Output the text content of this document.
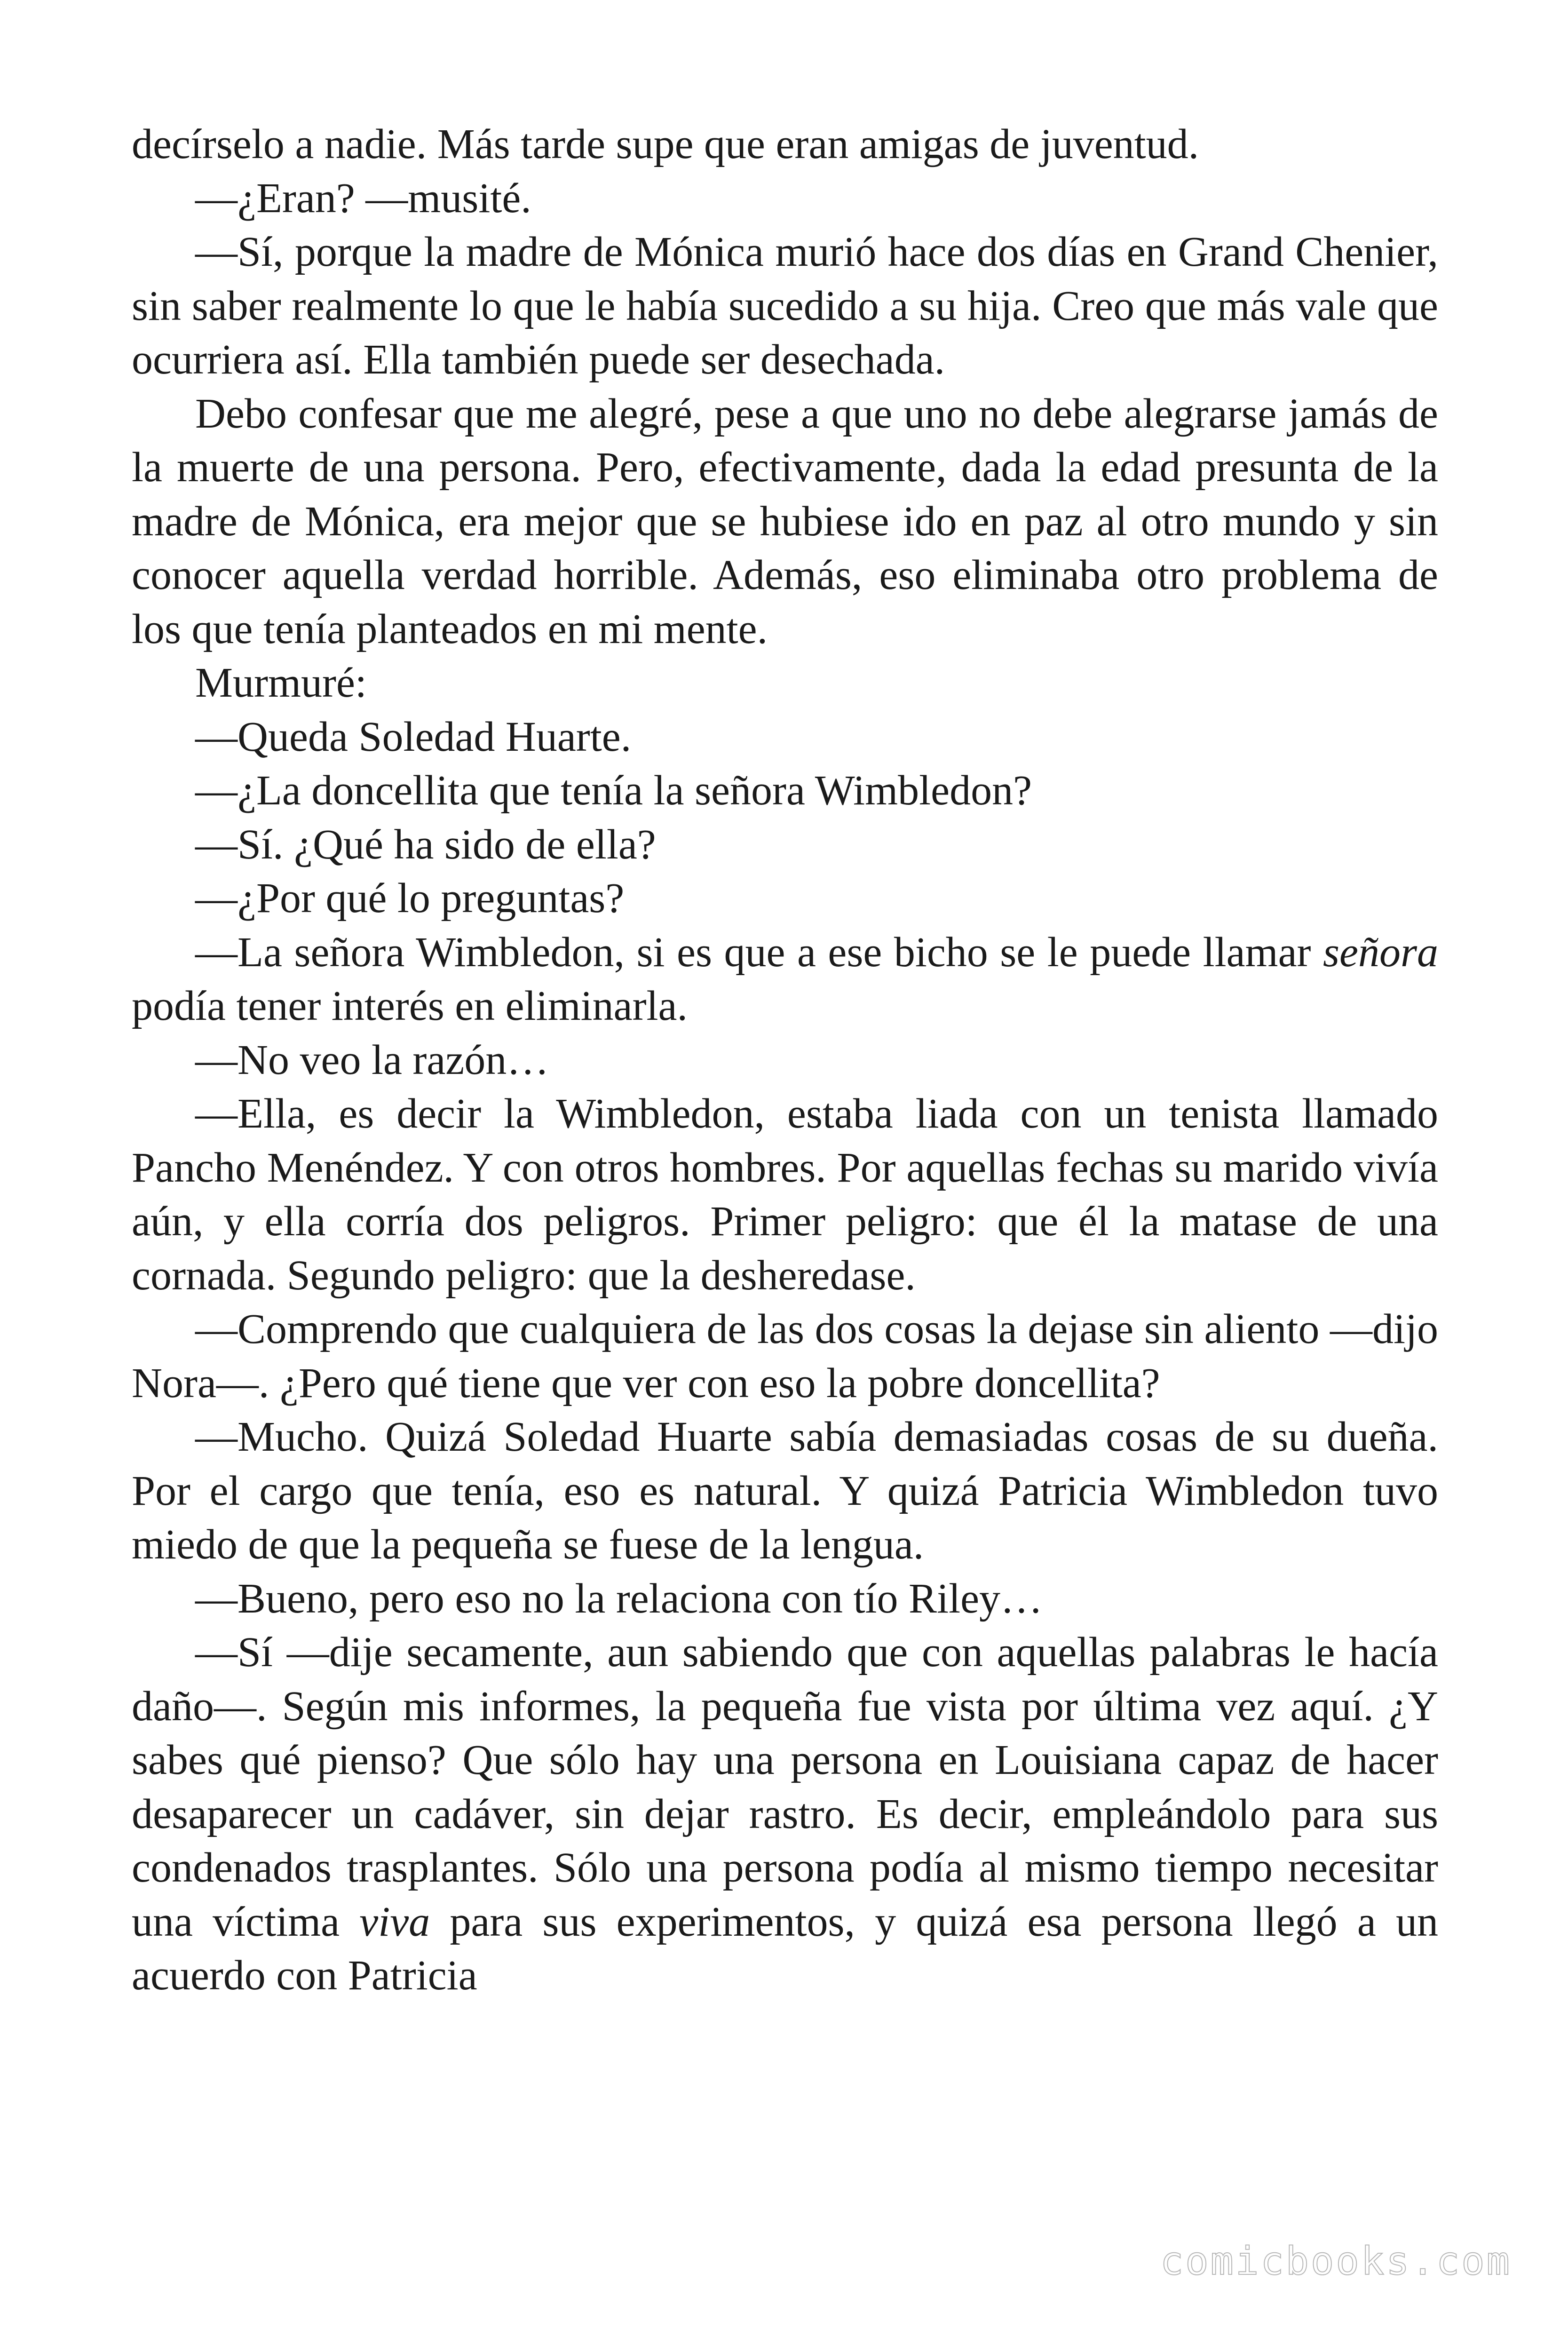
decírselo a nadie. Más tarde supe que eran amigas de juventud.

—¿Eran? —musité.

—Sí, porque la madre de Mónica murió hace dos días en Grand Chenier, sin saber realmente lo que le había sucedido a su hija. Creo que más vale que ocurriera así. Ella también puede ser desechada.

Debo confesar que me alegré, pese a que uno no debe alegrarse jamás de la muerte de una persona. Pero, efectivamente, dada la edad presunta de la madre de Mónica, era mejor que se hubiese ido en paz al otro mundo y sin conocer aquella verdad horrible. Además, eso eliminaba otro problema de los que tenía planteados en mi mente.

Murmuré:

—Queda Soledad Huarte.

—¿La doncellita que tenía la señora Wimbledon?

—Sí. ¿Qué ha sido de ella?

—¿Por qué lo preguntas?

—La señora Wimbledon, si es que a ese bicho se le puede llamar señora podía tener interés en eliminarla.

—No veo la razón…

—Ella, es decir la Wimbledon, estaba liada con un tenista llamado Pancho Menéndez. Y con otros hombres. Por aquellas fechas su marido vivía aún, y ella corría dos peligros. Primer peligro: que él la matase de una cornada. Segundo peligro: que la desheredase.

—Comprendo que cualquiera de las dos cosas la dejase sin aliento —dijo Nora—. ¿Pero qué tiene que ver con eso la pobre doncellita?

—Mucho. Quizá Soledad Huarte sabía demasiadas cosas de su dueña. Por el cargo que tenía, eso es natural. Y quizá Patricia Wimbledon tuvo miedo de que la pequeña se fuese de la lengua.

—Bueno, pero eso no la relaciona con tío Riley…

—Sí —dije secamente, aun sabiendo que con aquellas palabras le hacía daño—. Según mis informes, la pequeña fue vista por última vez aquí. ¿Y sabes qué pienso? Que sólo hay una persona en Louisiana capaz de hacer desaparecer un cadáver, sin dejar rastro. Es decir, empleándolo para sus condenados trasplantes. Sólo una persona podía al mismo tiempo necesitar una víctima viva para sus experimentos, y quizá esa persona llegó a un acuerdo con Patricia

comicbooks.com
